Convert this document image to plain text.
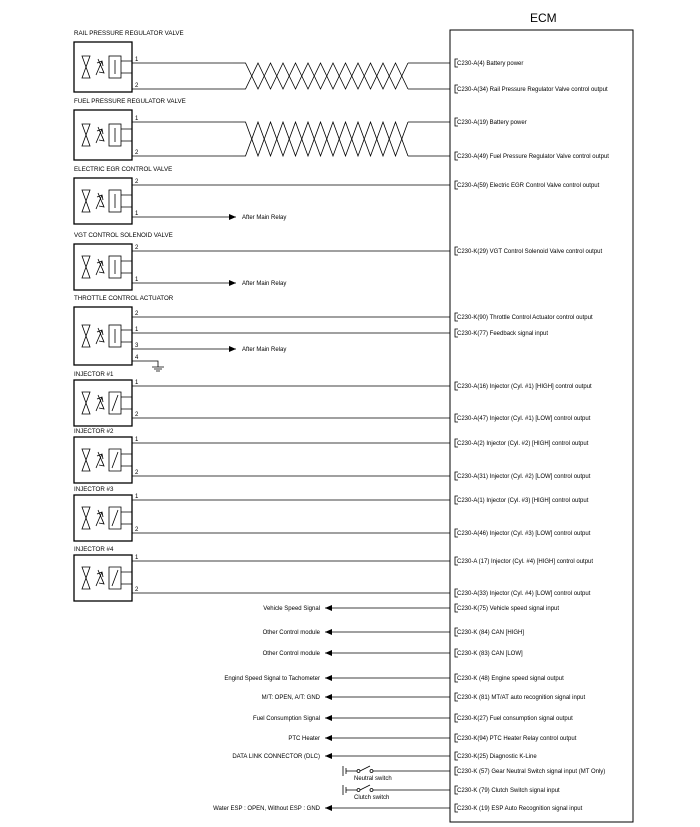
ECM
RAIL PRESSURE REGULATOR VALVE
1
C230-A(4) Battery power
2
C230-A(34) Rail Pressure Regulator Valve control output
FUEL PRESSURE REGULATOR VALVE
1
C230-A(19) Battery power
2
C230-A(49) Fuel Pressure Regulator Valve control output
ELECTRIC EGR CONTROL VALVE
2
C230-A(59) Electric EGR Control Valve control output
1
After Main Relay
VGT CONTROL SOLENOID VALVE
2
C230-K(29) VGT Control Solenoid Valve control output
1
After Main Relay
THROTTLE CONTROL ACTUATOR
2
C230-K(90) Throttle Control Actuator control output
1
C230-K(77) Feedback signal input
3
After Main Relay
4
INJECTOR #1
1
C230-A(16) Injector (Cyl. #1) [HIGH] control output
2
C230-A(47) Injector (Cyl. #1) [LOW] control output
INJECTOR #2
1
C230-A(2) Injector (Cyl. #2) [HIGH] control output
2
C230-A(31) Injector (Cyl. #2) [LOW] control output
INJECTOR #3
1
C230-A(1) Injector (Cyl. #3) [HIGH] control output
2
C230-A(46) Injector (Cyl. #3) [LOW] control output
INJECTOR #4
1
C230-A (17) Injector (Cyl. #4) [HIGH] control output
2
C230-A(33) Injector (Cyl. #4) [LOW] control output
C230-K(75) Vehicle speed signal input
Vehicle Speed Signal
C230-K (84) CAN [HIGH]
Other Control module
C230-K (83) CAN [LOW]
Other Control module
C230-K (48) Engine speed signal output
Engind Speed Signal to Tachometer
C230-K (81) MT/AT auto recognition signal input
M/T: OPEN, A/T: GND
C230-K(27) Fuel consumption signal output
Fuel Consumption Signal
C230-K(94) PTC Heater Relay control output
PTC Heater
C230-K(25) Diagnostic K-Line
DATA LINK CONNECTOR (DLC)
C230-K (57) Gear Neutral Switch signal input (MT Only)
Neutral switch
C230-K (79) Clutch Switch signal input
Clutch switch
C230-K (19) ESP Auto Recognition signal input
Water ESP : OPEN, Without ESP : GND
